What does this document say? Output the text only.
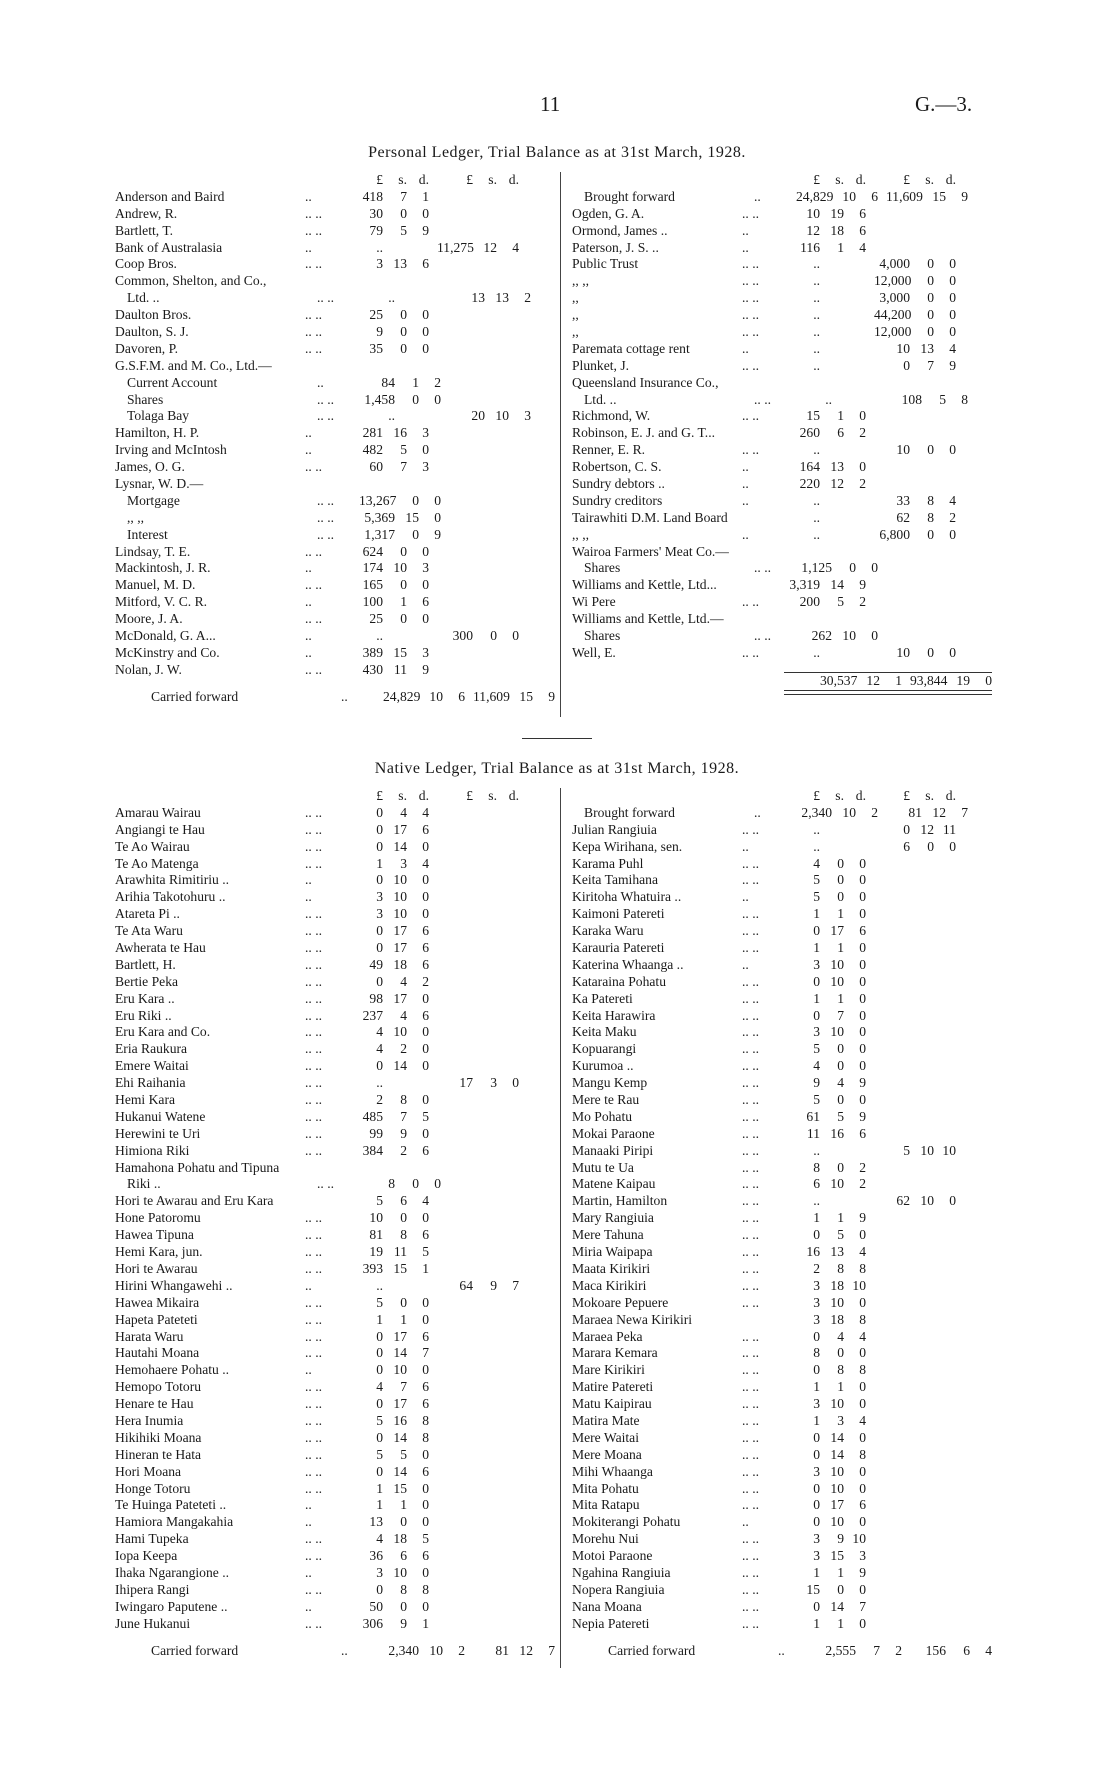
11	G.—3.
Personal Ledger, Trial Balance as at 31st March, 1928.
£	s. d.	£	s. d.
Anderson and Baird	..	418	7	1
Andrew, R.	.. ..	30	0	0
Bartlett, T.	.. ..	79	5	9
Bank of Australasia	..	..	11,275 12	4
Coop Bros.	.. ..	3 13	6
Common, Shelton, and Co.,
Ltd. ..	.. ..	..	13 13	2
Daulton Bros.	.. ..	25	0	0
Daulton, S. J.	.. ..	9	0	0
Davoren, P.	.. ..	35	0	0
G.S.F.M. and M. Co., Ltd.—
Current Account	..	84	1	2
Shares	.. ..	1,458	0	0
Tolaga Bay	.. ..	..	20 10	3
Hamilton, H. P.	..	281 16	3
Irving and McIntosh	..	482	5	0
James, O. G.	.. ..	60	7	3
Lysnar, W. D.—
Mortgage	.. ..	13,267	0	0
,, ,,	.. ..	5,369 15	0
Interest	.. ..	1,317	0	9
Lindsay, T. E.	.. ..	624	0	0
Mackintosh, J. R.	..	174 10	3
Manuel, M. D.	.. ..	165	0	0
Mitford, V. C. R.	..	100	1	6
Moore, J. A.	.. ..	25	0	0
McDonald, G. A...	..	..	300	0	0
McKinstry and Co.	..	389 15	3
Nolan, J. W.	.. ..	430 11	9
Carried forward	..	24,829 10	6 11,609 15	9
£	s. d.	£	s. d.
Brought forward	..	24,829 10	6 11,609 15	9
Ogden, G. A.	.. ..	10 19	6
Ormond, James ..	..	12 18	6
Paterson, J. S. ..	..	116	1	4
Public Trust	.. ..	..	4,000	0	0
,, ,,	.. ..	..	12,000	0	0
,,	.. ..	..	3,000	0	0
,,	.. ..	..	44,200	0	0
,,	.. ..	..	12,000	0	0
Paremata cottage rent	..	..	10 13	4
Plunket, J.	.. ..	..	0	7	9
Queensland Insurance Co.,
Ltd. ..	.. ..	..	108	5	8
Richmond, W.	.. ..	15	1	0
Robinson, E. J. and G. T...	260	6	2
Renner, E. R.	.. ..	..	10	0	0
Robertson, C. S.	..	164 13	0
Sundry debtors ..	..	220 12	2
Sundry creditors	..	..	33	8	4
Tairawhiti D.M. Land Board	..	62	8	2
,, ,,	..	..	6,800	0	0
Wairoa Farmers' Meat Co.—
Shares	.. ..	1,125	0	0
Williams and Kettle, Ltd...	3,319 14	9
Wi Pere	.. ..	200	5	2
Williams and Kettle, Ltd.—
Shares	.. ..	262 10	0
Well, E.	.. ..	..	10	0	0
30,537 12	1 93,844 19	0
Native Ledger, Trial Balance as at 31st March, 1928.
£	s. d.	£	s. d.
Amarau Wairau	.. ..	0	4	4
Angiangi te Hau	.. ..	0 17	6
Te Ao Wairau	.. ..	0 14	0
Te Ao Matenga	.. ..	1	3	4
Arawhita Rimitiriu ..	..	0 10	0
Arihia Takotohuru ..	..	3 10	0
Atareta Pi ..	.. ..	3 10	0
Te Ata Waru	.. ..	0 17	6
Awherata te Hau	.. ..	0 17	6
Bartlett, H.	.. ..	49 18	6
Bertie Peka	.. ..	0	4	2
Eru Kara ..	.. ..	98 17	0
Eru Riki ..	.. ..	237	4	6
Eru Kara and Co.	.. ..	4 10	0
Eria Raukura	.. ..	4	2	0
Emere Waitai	.. ..	0 14	0
Ehi Raihania	.. ..	..	17	3	0
Hemi Kara	.. ..	2	8	0
Hukanui Watene	.. ..	485	7	5
Herewini te Uri	.. ..	99	9	0
Himiona Riki	.. ..	384	2	6
Hamahona Pohatu and Tipuna
Riki ..	.. ..	8	0	0
Hori te Awarau and Eru Kara	5	6	4
Hone Patoromu	.. ..	10	0	0
Hawea Tipuna	.. ..	81	8	6
Hemi Kara, jun.	.. ..	19 11	5
Hori te Awarau	.. ..	393 15	1
Hirini Whangawehi ..	..	..	64	9	7
Hawea Mikaira	.. ..	5	0	0
Hapeta Pateteti	.. ..	1	1	0
Harata Waru	.. ..	0 17	6
Hautahi Moana	.. ..	0 14	7
Hemohaere Pohatu ..	..	0 10	0
Hemopo Totoru	.. ..	4	7	6
Henare te Hau	.. ..	0 17	6
Hera Inumia	.. ..	5 16	8
Hikihiki Moana	.. ..	0 14	8
Hineran te Hata	.. ..	5	5	0
Hori Moana	.. ..	0 14	6
Honge Totoru	.. ..	1 15	0
Te Huinga Pateteti ..	..	1	1	0
Hamiora Mangakahia	..	13	0	0
Hami Tupeka	.. ..	4 18	5
Iopa Keepa	.. ..	36	6	6
Ihaka Ngarangione ..	..	3 10	0
Ihipera Rangi	.. ..	0	8	8
Iwingaro Paputene ..	..	50	0	0
June Hukanui	.. ..	306	9	1
Carried forward	..	2,340 10	2	81 12	7
£	s. d.	£	s. d.
Brought forward	..	2,340 10	2	81 12	7
Julian Rangiuia	.. ..	..	0 12 11
Kepa Wirihana, sen.	..	..	6	0	0
Karama Puhl	.. ..	4	0	0
Keita Tamihana	.. ..	5	0	0
Kiritoha Whatuira ..	..	5	0	0
Kaimoni Patereti	.. ..	1	1	0
Karaka Waru	.. ..	0 17	6
Karauria Patereti	.. ..	1	1	0
Katerina Whaanga ..	..	3 10	0
Kataraina Pohatu	.. ..	0 10	0
Ka Patereti	.. ..	1	1	0
Keita Harawira	.. ..	0	7	0
Keita Maku	.. ..	3 10	0
Kopuarangi	.. ..	5	0	0
Kurumoa ..	.. ..	4	0	0
Mangu Kemp	.. ..	9	4	9
Mere te Rau	.. ..	5	0	0
Mo Pohatu	.. ..	61	5	9
Mokai Paraone	.. ..	11 16	6
Manaaki Piripi	.. ..	..	5 10 10
Mutu te Ua	.. ..	8	0	2
Matene Kaipau	.. ..	6 10	2
Martin, Hamilton	.. ..	..	62 10	0
Mary Rangiuia	.. ..	1	1	9
Mere Tahuna	.. ..	0	5	0
Miria Waipapa	.. ..	16 13	4
Maata Kirikiri	.. ..	2	8	8
Maca Kirikiri	.. ..	3 18 10
Mokoare Pepuere	.. ..	3 10	0
Maraea Newa Kirikiri	3 18	8
Maraea Peka	.. ..	0	4	4
Marara Kemara	.. ..	8	0	0
Mare Kirikiri	.. ..	0	8	8
Matire Patereti	.. ..	1	1	0
Matu Kaipirau	.. ..	3 10	0
Matira Mate	.. ..	1	3	4
Mere Waitai	.. ..	0 14	0
Mere Moana	.. ..	0 14	8
Mihi Whaanga	.. ..	3 10	0
Mita Pohatu	.. ..	0 10	0
Mita Ratapu	.. ..	0 17	6
Mokiterangi Pohatu	..	0 10	0
Morehu Nui	.. ..	3	9 10
Motoi Paraone	.. ..	3 15	3
Ngahina Rangiuia	.. ..	1	1	9
Nopera Rangiuia	.. ..	15	0	0
Nana Moana	.. ..	0 14	7
Nepia Patereti	.. ..	1	1	0
Carried forward	..	2,555	7	2	156	6	4
